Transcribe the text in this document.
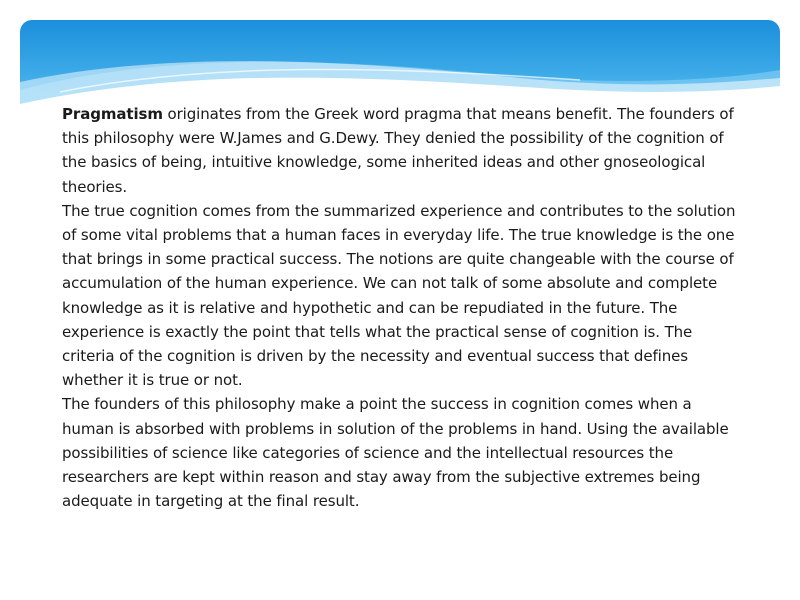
Pragmatism originates from the Greek word pragma that means benefit. The founders of this philosophy were W.James and G.Dewy. They denied the possibility of the cognition of the basics of being, intuitive knowledge, some inherited ideas and other gnoseological theories.

The true cognition comes from the summarized experience and contributes to the solution of some vital problems that a human faces in everyday life. The true knowledge is the one that brings in some practical success. The notions are quite changeable with the course of accumulation of the human experience. We can not talk of some absolute and complete knowledge as it is relative and hypothetic and can be repudiated in the future. The experience is exactly the point that tells what the practical sense of cognition is. The criteria of the cognition is driven by the necessity and eventual success that defines whether it is true or not.

The founders of this philosophy make a point the success in cognition comes when a human is absorbed with problems in solution of the problems in hand. Using the available possibilities of science like categories of science and the intellectual resources the researchers are kept within reason and stay away from the subjective extremes being adequate in targeting at the final result.
